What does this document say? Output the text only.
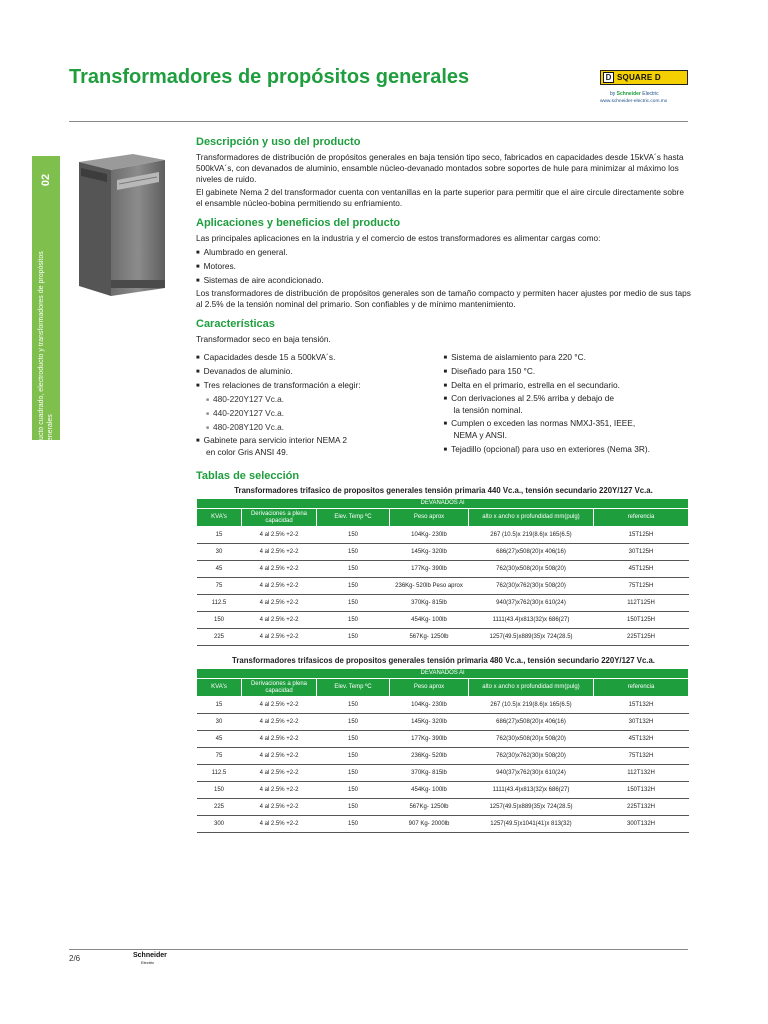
Transformadores de propósitos generales	D SQUARE D
by Schneider Electric
www.schneider-electric.com.mx
02
Ducto cuadrado, electroducto y transformadores de propósitos generales
Descripción y uso del producto

Transformadores de distribución de propósitos generales en baja tensión tipo seco, fabricados en capacidades desde 15kVA´s hasta 500kVA´s, con devanados de aluminio, ensamble núcleo-devanado montados sobre soportes de hule para minimizar al máximo los niveles de ruido.

El gabinete Nema 2 del transformador cuenta con ventanillas en la parte superior para permitir que el aire circule directamente sobre el ensamble núcleo-bobina permitiendo su enfriamiento.

Aplicaciones y beneficios del producto

Las principales aplicaciones en la industria y el comercio de estos transformadores es alimentar cargas como:

■ Alumbrado en general.

■ Motores.

■ Sistemas de aire acondicionado.

Los transformadores de distribución de propósitos generales son de tamaño compacto y permiten hacer ajustes por medio de sus taps al 2.5% de la tensión nominal del primario. Son confiables y de mínimo mantenimiento.

Características

Transformador seco en baja tensión.

■ Capacidades desde 15 a 500kVA´s.

■ Devanados de aluminio.

■ Tres relaciones de transformación a elegir:

■ 480-220Y127 Vc.a.

■ 440-220Y127 Vc.a.

■ 480-208Y120 Vc.a.

■ Gabinete para servicio interior NEMA 2

en color Gris ANSI 49.

■ Sistema de aislamiento para 220 °C.

■ Diseñado para 150 °C.

■ Delta en el primario, estrella en el secundario.

■ Con derivaciones al 2.5% arriba y debajo de

la tensión nominal.

■ Cumplen o exceden las normas NMXJ-351, IEEE,

NEMA y ANSI.

■ Tejadillo (opcional) para uso en exteriores (Nema 3R).

Tablas de selección
Transformadores trifasico de propositos generales tensión primaria 440 Vc.a., tensión secundario 220Y/127 Vc.a.
DEVANADOS Al					
KVA's	Derivaciones a plena capacidad	Elev. Temp ºC	Peso aprox	alto x ancho x profundidad mm(pulg)	referencia
15	4 al 2.5% +2-2	150	104Kg- 230lb	267 (10.5)x 219(8.6)x 165(6.5)	15T125H
30	4 al 2.5% +2-2	150	145Kg- 320lb	686(27)x508(20)x 406(16)	30T125H
45	4 al 2.5% +2-2	150	177Kg- 390lb	762(30)x508(20)x 508(20)	45T125H
75	4 al 2.5% +2-2	150	236Kg- 520lb Peso aprox	762(30)x762(30)x 508(20)	75T125H
112.5	4 al 2.5% +2-2	150	370Kg- 815lb	940(37)x762(30)x 610(24)	112T125H
150	4 al 2.5% +2-2	150	454Kg- 100lb	1111(43.4)x813(32)x 686(27)	150T125H
225	4 al 2.5% +2-2	150	567Kg- 1250lb	1257(49.5)x889(35)x 724(28.5)	225T125H
Transformadores trifasicos de propositos generales tensión primaria 480 Vc.a., tensión secundario 220Y/127 Vc.a.
DEVANADOS Al					
KVA's	Derivaciones a plena capacidad	Elev. Temp ºC	Peso aprox	alto x ancho x profundidad mm(pulg)	referencia
15	4 al 2.5% +2-2	150	104Kg- 230lb	267 (10.5)x 219(8.6)x 165(6.5)	15T132H
30	4 al 2.5% +2-2	150	145Kg- 320lb	686(27)x508(20)x 406(16)	30T132H
45	4 al 2.5% +2-2	150	177Kg- 390lb	762(30)x508(20)x 508(20)	45T132H
75	4 al 2.5% +2-2	150	236Kg- 520lb	762(30)x762(30)x 508(20)	75T132H
112.5	4 al 2.5% +2-2	150	370Kg- 815lb	940(37)x762(30)x 610(24)	112T132H
150	4 al 2.5% +2-2	150	454Kg- 100lb	1111(43.4)x813(32)x 686(27)	150T132H
225	4 al 2.5% +2-2	150	567Kg- 1250lb	1257(49.5)x889(35)x 724(28.5)	225T132H
300	4 al 2.5% +2-2	150	907 Kg- 2000lb	1257(49.5)x1041(41)x 813(32)	300T132H
2/6	Schneider
Electric
